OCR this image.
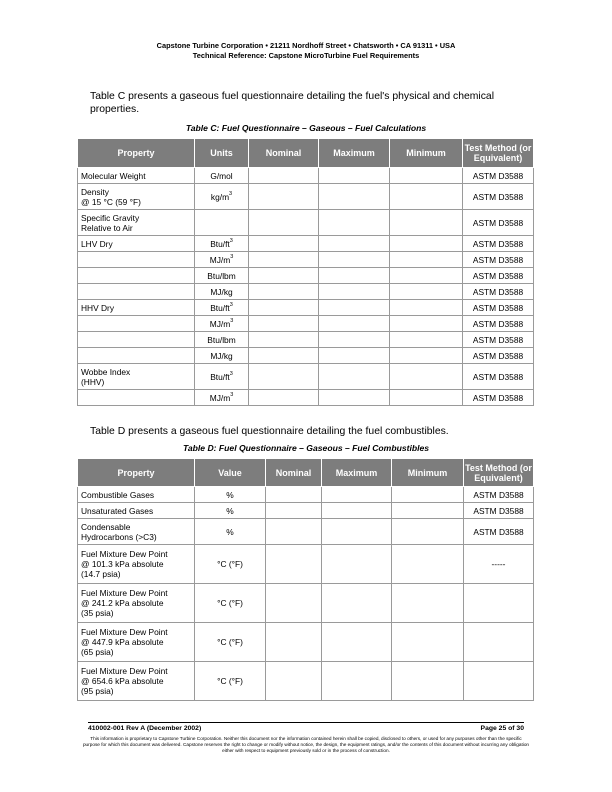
Capstone Turbine Corporation • 21211 Nordhoff Street • Chatsworth • CA 91311 • USA
Technical Reference: Capstone MicroTurbine Fuel Requirements
Table C presents a gaseous fuel questionnaire detailing the fuel's physical and chemical properties.
Table C: Fuel Questionnaire – Gaseous – Fuel Calculations
Property	Units	Nominal	Maximum	Minimum	Test Method (or Equivalent)
Molecular Weight	G/mol				ASTM D3588
Density
@ 15 °C (59 °F)	$kg/m^3$				ASTM D3588
Specific Gravity
Relative to Air					ASTM D3588
LHV Dry	Btu/$ft^3$				ASTM D3588
	$MJ/m^3$				ASTM D3588
	Btu/lbm				ASTM D3588
	MJ/kg				ASTM D3588
HHV Dry	Btu/$ft^3$				ASTM D3588
	$MJ/m^3$				ASTM D3588
	Btu/lbm				ASTM D3588
	MJ/kg				ASTM D3588
Wobbe Index
(HHV)	Btu/$ft^3$				ASTM D3588
	$MJ/m^3$				ASTM D3588
Table D presents a gaseous fuel questionnaire detailing the fuel combustibles.
Table D: Fuel Questionnaire – Gaseous – Fuel Combustibles
Property	Value	Nominal	Maximum	Minimum	Test Method (or Equivalent)
Combustible Gases	%				ASTM D3588
Unsaturated Gases	%				ASTM D3588
Condensable
Hydrocarbons (>C3)	%				ASTM D3588
Fuel Mixture Dew Point
@ 101.3 kPa absolute
(14.7 psia)	°C (°F)				-----
Fuel Mixture Dew Point
@ 241.2 kPa absolute
(35 psia)	°C (°F)				
Fuel Mixture Dew Point
@ 447.9 kPa absolute
(65 psia)	°C (°F)				
Fuel Mixture Dew Point
@ 654.6 kPa absolute
(95 psia)	°C (°F)				
410002-001 Rev A (December 2002)	Page 25 of 30
This information is proprietary to Capstone Turbine Corporation. Neither this document nor the information contained herein shall be copied, disclosed to others, or used for any purposes other than the specific purpose for which this document was delivered. Capstone reserves the right to change or modify without notice, the design, the equipment ratings, and/or the contents of this document without incurring any obligation either with respect to equipment previously sold or in the process of construction.
